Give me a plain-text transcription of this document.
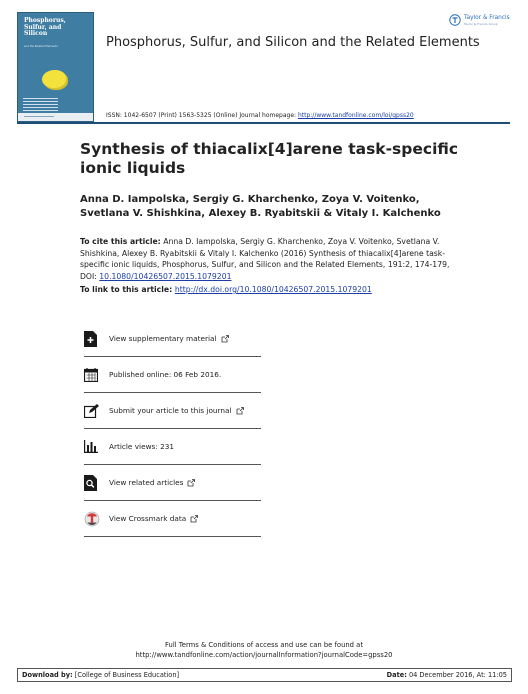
Phosphorus,
Sulfur, and
Silicon
and the Related Elements	Phosphorus, Sulfur, and Silicon and the Related Elements
Taylor & Francis
Taylor & Francis Group
ISSN: 1042-6507 (Print) 1563-5325 (Online) Journal homepage: http://www.tandfonline.com/loi/gpss20
Synthesis of thiacalix[4]arene task-specific ionic liquids
Anna D. Iampolska, Sergiy G. Kharchenko, Zoya V. Voitenko, Svetlana V. Shishkina, Alexey B. Ryabitskii & Vitaly I. Kalchenko
To cite this article: Anna D. Iampolska, Sergiy G. Kharchenko, Zoya V. Voitenko, Svetlana V. Shishkina, Alexey B. Ryabitskii & Vitaly I. Kalchenko (2016) Synthesis of thiacalix[4]arene task-specific ionic liquids, Phosphorus, Sulfur, and Silicon and the Related Elements, 191:2, 174-179, DOI: 10.1080/10426507.2015.1079201
To link to this article: http://dx.doi.org/10.1080/10426507.2015.1079201
View supplementary material
Published online: 06 Feb 2016.
Submit your article to this journal
Article views: 231
View related articles
View Crossmark data
Full Terms & Conditions of access and use can be found at
http://www.tandfonline.com/action/journalInformation?journalCode=gpss20
Download by: [College of Business Education]	Date: 04 December 2016, At: 11:05
